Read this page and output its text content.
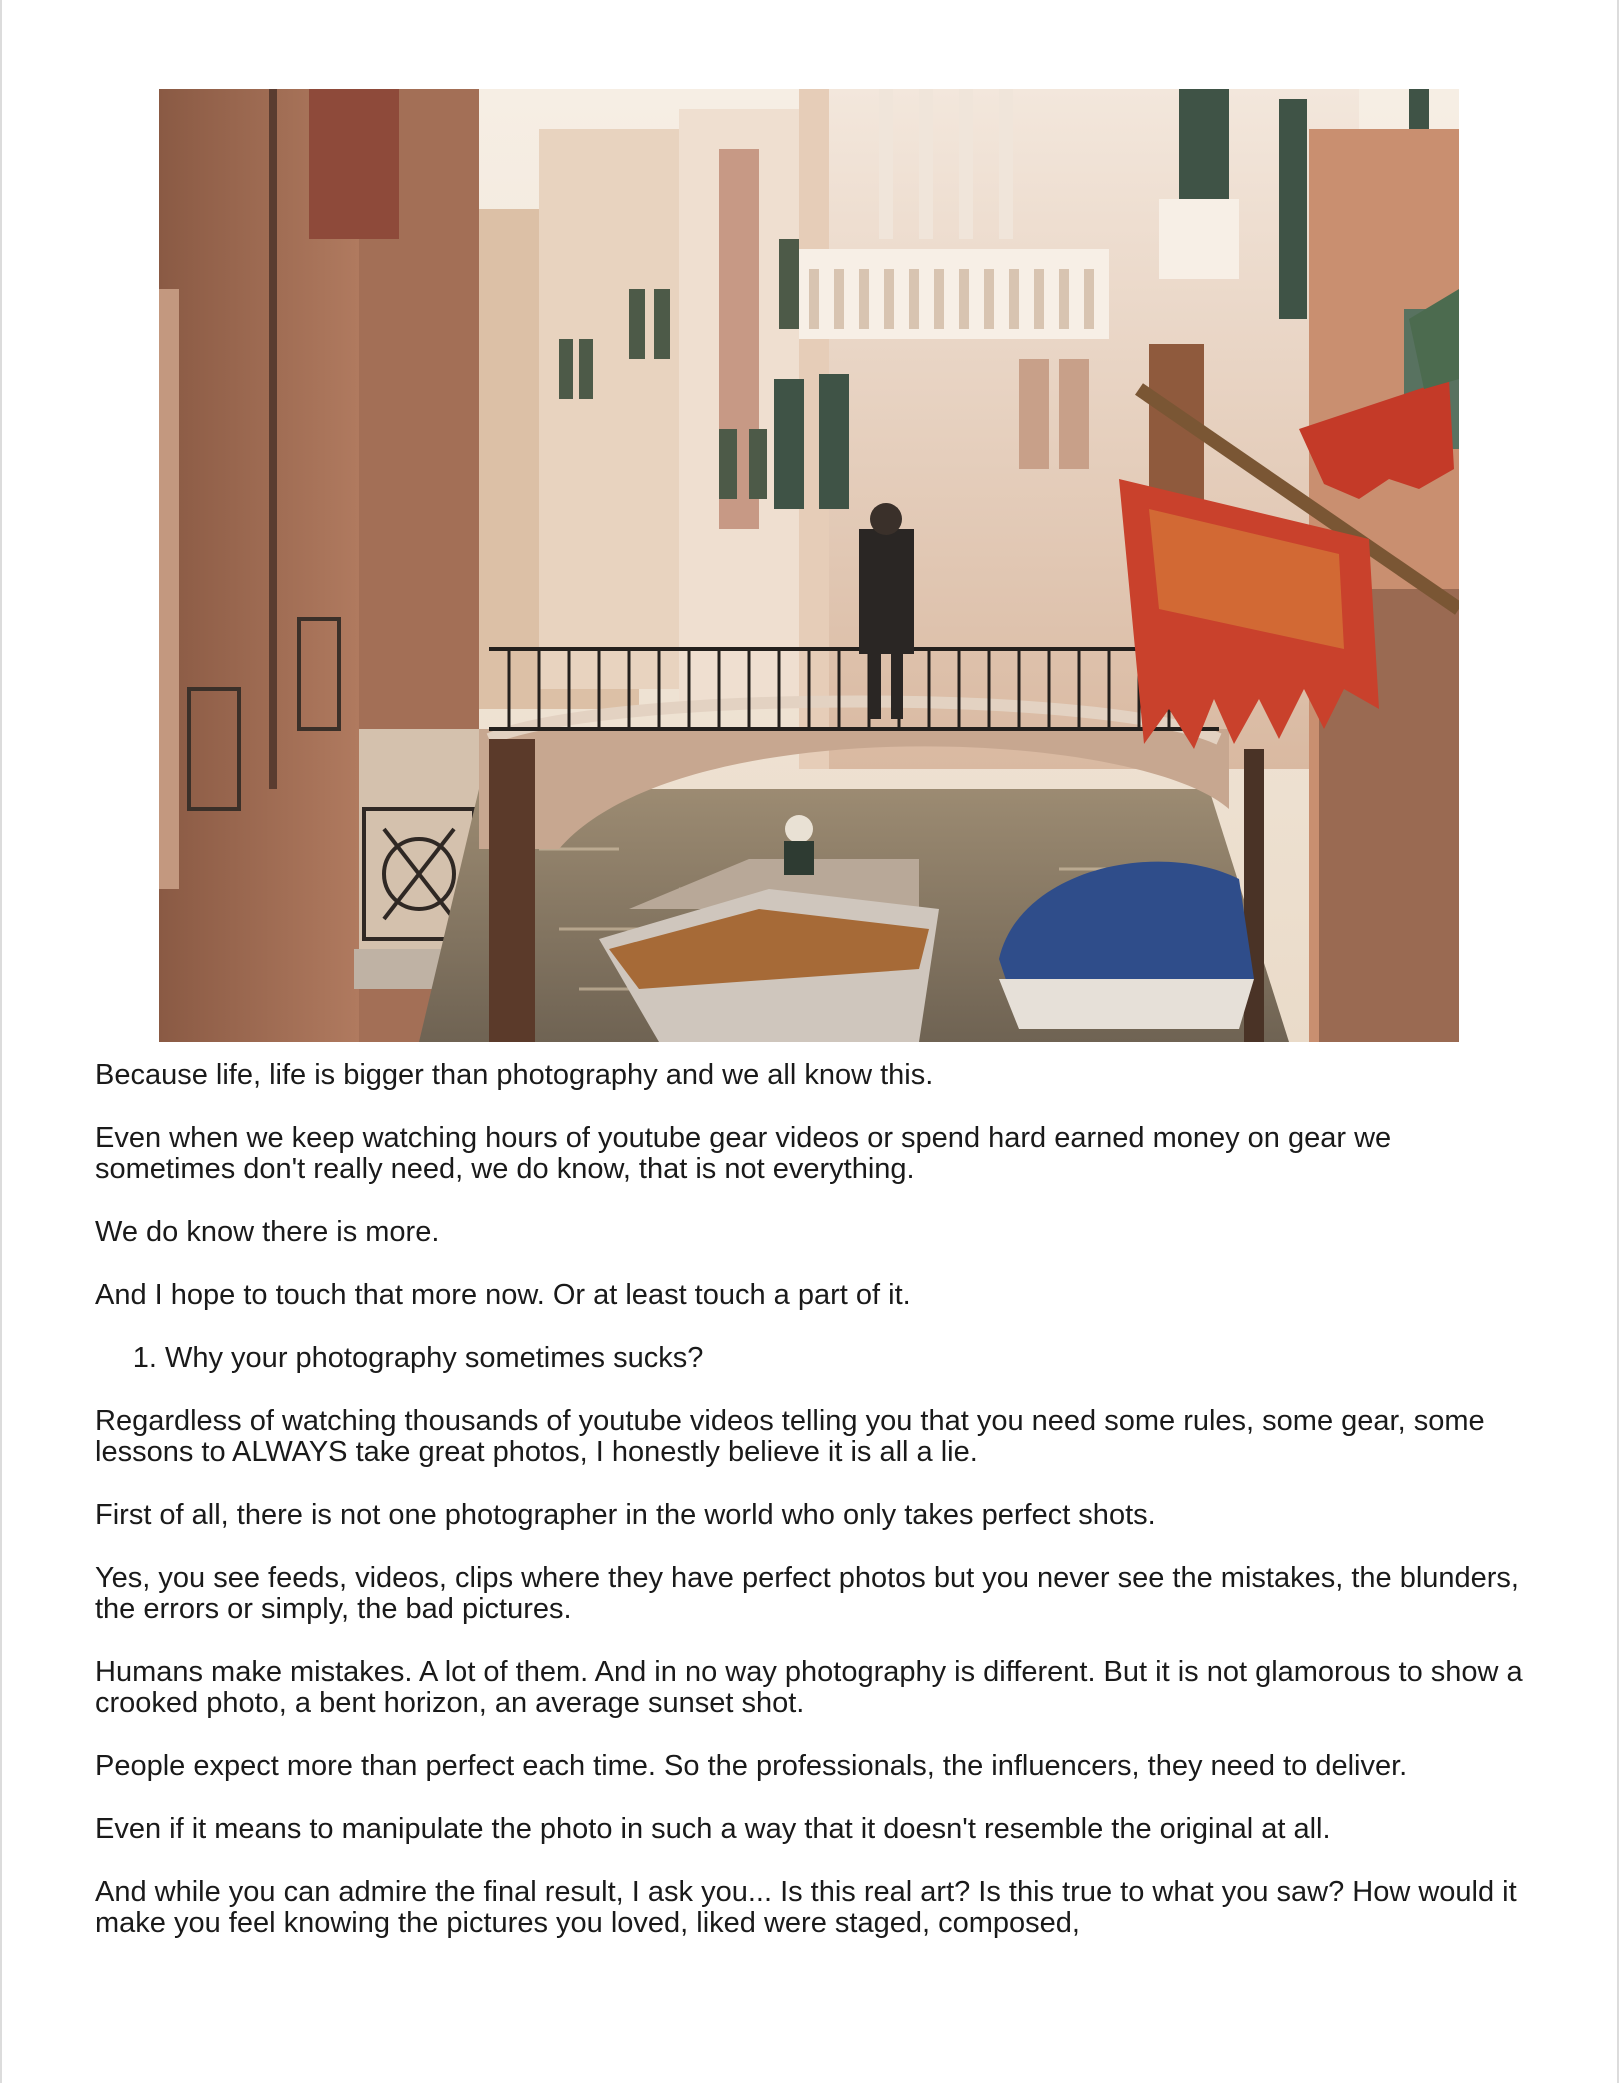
Because life, life is bigger than photography and we all know this.

Even when we keep watching hours of youtube gear videos or spend hard earned money on gear we sometimes don't really need, we do know, that is not everything.

We do know there is more.

And I hope to touch that more now. Or at least touch a part of it.

1. Why your photography sometimes sucks?

Regardless of watching thousands of youtube videos telling you that you need some rules, some gear, some lessons to ALWAYS take great photos, I honestly believe it is all a lie.

First of all, there is not one photographer in the world who only takes perfect shots.

Yes, you see feeds, videos, clips where they have perfect photos but you never see the mistakes, the blunders, the errors or simply, the bad pictures.

Humans make mistakes. A lot of them. And in no way photography is different. But it is not glamorous to show a crooked photo, a bent horizon, an average sunset shot.

People expect more than perfect each time. So the professionals, the influencers, they need to deliver.

Even if it means to manipulate the photo in such a way that it doesn't resemble the original at all.

And while you can admire the final result, I ask you... Is this real art? Is this true to what you saw? How would it make you feel knowing the pictures you loved, liked were staged, composed,
